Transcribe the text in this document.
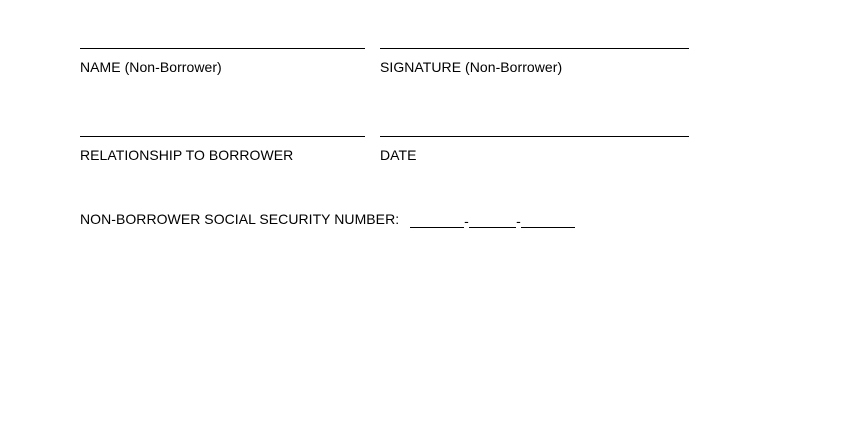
NAME (Non-Borrower)	SIGNATURE (Non-Borrower)
RELATIONSHIP TO BORROWER	DATE
NON-BORROWER SOCIAL SECURITY NUMBER:	-	-
